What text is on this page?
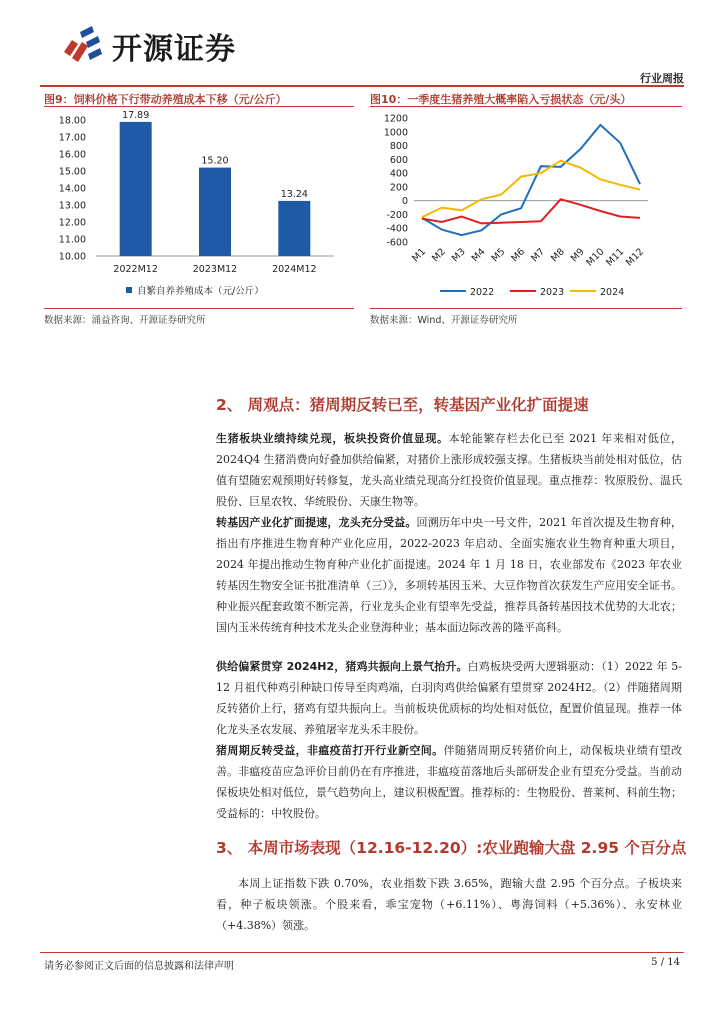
开源证券
行业周报
图9：饲料价格下行带动养殖成本下移（元/公斤）
10.00
11.00
12.00
13.00
14.00
15.00
16.00
17.00
18.00
17.89
2022M12
15.20
2023M12
13.24
2024M12
自繁自养养殖成本（元/公斤）
数据来源：涌益咨询、开源证券研究所
图10：一季度生猪养殖大概率陷入亏损状态（元/头）
1200
1000
800
600
400
200
0
-200
-400
-600
M1 M2 M3 M4 M5 M6 M7 M8 M9
M10
M11
M12
2022	2023	2024
数据来源：Wind、开源证券研究所
2、 周观点：猪周期反转已至，转基因产业化扩面提速
生猪板块业绩持续兑现，板块投资价值显现。本轮能繁存栏去化已至 2021 年来相对低位，2024Q4 生猪消费向好叠加供给偏紧，对猪价上涨形成较强支撑。生猪板块当前处相对低位，估值有望随宏观预期好转修复，龙头高业绩兑现高分红投资价值显现。重点推荐：牧原股份、温氏股份、巨星农牧、华统股份、天康生物等。
转基因产业化扩面提速，龙头充分受益。回溯历年中央一号文件，2021 年首次提及生物育种，指出有序推进生物育种产业化应用，2022-2023 年启动、全面实施农业生物育种重大项目，2024 年提出推动生物育种产业化扩面提速。2024 年 1 月 18 日，农业部发布《2023 年农业转基因生物安全证书批准清单（三）》，多项转基因玉米、大豆作物首次获发生产应用安全证书。种业振兴配套政策不断完善，行业龙头企业有望率先受益，推荐具备转基因技术优势的大北农；国内玉米传统育种技术龙头企业登海种业；基本面边际改善的隆平高科。
供给偏紧贯穿 2024H2，猪鸡共振向上景气抬升。白鸡板块受两大逻辑驱动：（1）2022 年 5-12 月祖代种鸡引种缺口传导至肉鸡端，白羽肉鸡供给偏紧有望贯穿 2024H2。（2）伴随猪周期反转猪价上行，猪鸡有望共振向上。当前板块优质标的均处相对低位，配置价值显现。推荐一体化龙头圣农发展、养殖屠宰龙头禾丰股份。
猪周期反转受益，非瘟疫苗打开行业新空间。伴随猪周期反转猪价向上，动保板块业绩有望改善。非瘟疫苗应急评价目前仍在有序推进，非瘟疫苗落地后头部研发企业有望充分受益。当前动保板块处相对低位，景气趋势向上，建议积极配置。推荐标的：生物股份、普莱柯、科前生物；受益标的：中牧股份。
3、 本周市场表现（12.16-12.20）:农业跑输大盘 2.95 个百分点
本周上证指数下跌 0.70%，农业指数下跌 3.65%，跑输大盘 2.95 个百分点。子板块来看，种子板块领涨。个股来看，乖宝宠物（+6.11%）、粤海饲料（+5.36%）、永安林业（+4.38%）领涨。
请务必参阅正文后面的信息披露和法律声明	5 / 14
